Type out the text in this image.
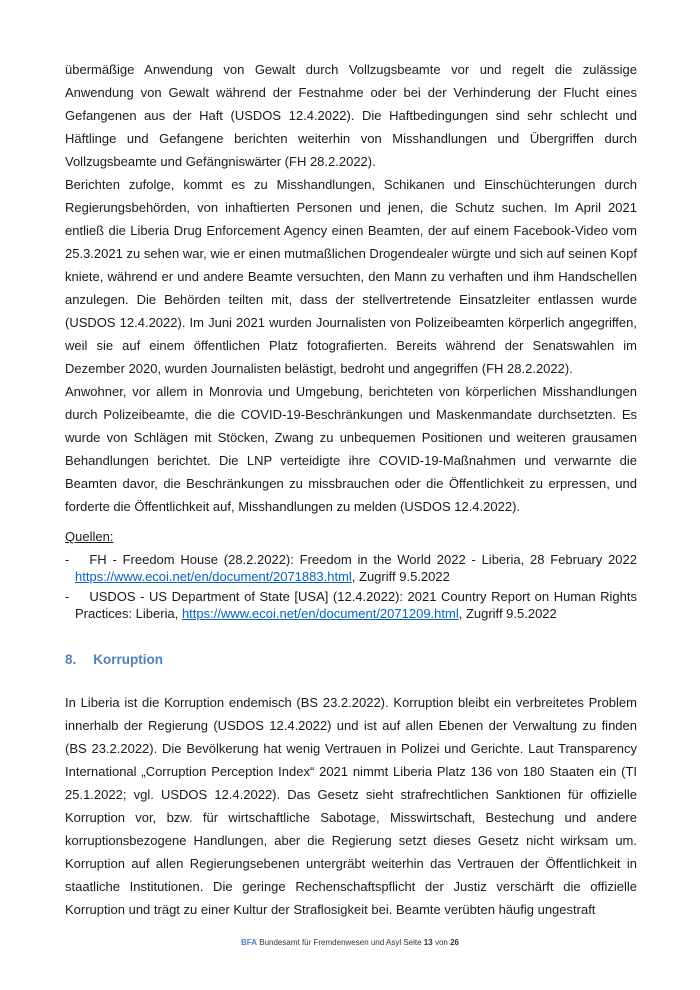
übermäßige Anwendung von Gewalt durch Vollzugsbeamte vor und regelt die zulässige Anwendung von Gewalt während der Festnahme oder bei der Verhinderung der Flucht eines Gefangenen aus der Haft (USDOS 12.4.2022). Die Haftbedingungen sind sehr schlecht und Häftlinge und Gefangene berichten weiterhin von Misshandlungen und Übergriffen durch Vollzugsbeamte und Gefängniswärter (FH 28.2.2022).

Berichten zufolge, kommt es zu Misshandlungen, Schikanen und Einschüchterungen durch Regierungsbehörden, von inhaftierten Personen und jenen, die Schutz suchen. Im April 2021 entließ die Liberia Drug Enforcement Agency einen Beamten, der auf einem Facebook-Video vom 25.3.2021 zu sehen war, wie er einen mutmaßlichen Drogendealer würgte und sich auf seinen Kopf kniete, während er und andere Beamte versuchten, den Mann zu verhaften und ihm Handschellen anzulegen. Die Behörden teilten mit, dass der stellvertretende Einsatzleiter entlassen wurde (USDOS 12.4.2022). Im Juni 2021 wurden Journalisten von Polizeibeamten körperlich angegriffen, weil sie auf einem öffentlichen Platz fotografierten. Bereits während der Senatswahlen im Dezember 2020, wurden Journalisten belästigt, bedroht und angegriffen (FH 28.2.2022).

Anwohner, vor allem in Monrovia und Umgebung, berichteten von körperlichen Misshandlungen durch Polizeibeamte, die die COVID-19-Beschränkungen und Maskenmandate durchsetzten. Es wurde von Schlägen mit Stöcken, Zwang zu unbequemen Positionen und weiteren grausamen Behandlungen berichtet. Die LNP verteidigte ihre COVID-19-Maßnahmen und verwarnte die Beamten davor, die Beschränkungen zu missbrauchen oder die Öffentlichkeit zu erpressen, und forderte die Öffentlichkeit auf, Misshandlungen zu melden (USDOS 12.4.2022).

Quellen:

- FH - Freedom House (28.2.2022): Freedom in the World 2022 - Liberia, 28 February 2022 https://www.ecoi.net/en/document/2071883.html, Zugriff 9.5.2022
- USDOS - US Department of State [USA] (12.4.2022): 2021 Country Report on Human Rights Practices: Liberia, https://www.ecoi.net/en/document/2071209.html, Zugriff 9.5.2022
8. Korruption

In Liberia ist die Korruption endemisch (BS 23.2.2022). Korruption bleibt ein verbreitetes Problem innerhalb der Regierung (USDOS 12.4.2022) und ist auf allen Ebenen der Verwaltung zu finden (BS 23.2.2022). Die Bevölkerung hat wenig Vertrauen in Polizei und Gerichte. Laut Transparency International „Corruption Perception Index“ 2021 nimmt Liberia Platz 136 von 180 Staaten ein (TI 25.1.2022; vgl. USDOS 12.4.2022). Das Gesetz sieht strafrechtlichen Sanktionen für offizielle Korruption vor, bzw. für wirtschaftliche Sabotage, Misswirtschaft, Bestechung und andere korruptionsbezogene Handlungen, aber die Regierung setzt dieses Gesetz nicht wirksam um. Korruption auf allen Regierungsebenen untergräbt weiterhin das Vertrauen der Öffentlichkeit in staatliche Institutionen. Die geringe Rechenschaftspflicht der Justiz verschärft die offizielle Korruption und trägt zu einer Kultur der Straflosigkeit bei. Beamte verübten häufig ungestraft

BFA Bundesamt für Fremdenwesen und Asyl Seite 13 von 26
